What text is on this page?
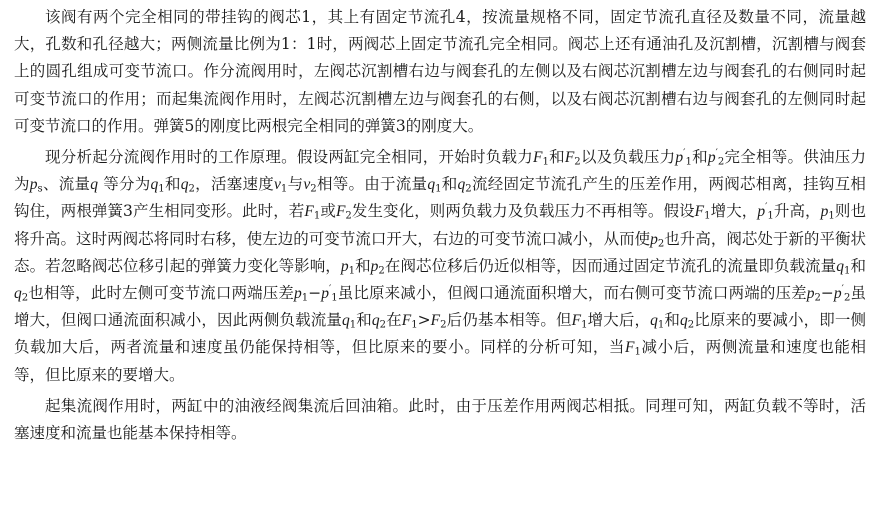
该阀有两个完全相同的带挂钩的阀芯1，其上有固定节流孔4，按流量规格不同，固定节流孔直径及数量不同，流量越大，孔数和孔径越大；两侧流量比例为1：1时，两阀芯上固定节流孔完全相同。阀芯上还有通油孔及沉割槽，沉割槽与阀套上的圆孔组成可变节流口。作分流阀用时，左阀芯沉割槽右边与阀套孔的左侧以及右阀芯沉割槽左边与阀套孔的右侧同时起可变节流口的作用；而起集流阀作用时，左阀芯沉割槽左边与阀套孔的右侧，以及右阀芯沉割槽右边与阀套孔的左侧同时起可变节流口的作用。弹簧5的刚度比两根完全相同的弹簧3的刚度大。

现分析起分流阀作用时的工作原理。假设两缸完全相同，开始时负载力$F_1$和$F_2$以及负载压力$p'_1$和$p'_2$完全相等。供油压力为$p_s$、流量q 等分为$q_1$和$q_2$，活塞速度$v_1$与$v_2$相等。由于流量$q_1$和$q_2$流经固定节流孔产生的压差作用，两阀芯相离，挂钩互相钩住，两根弹簧3产生相同变形。此时，若$F_1$或$F_2$发生变化，则两负载力及负载压力不再相等。假设$F_1$增大，$p'_1$升高，$p_1$则也将升高。这时两阀芯将同时右移，使左边的可变节流口开大，右边的可变节流口减小，从而使$p_2$也升高，阀芯处于新的平衡状态。若忽略阀芯位移引起的弹簧力变化等影响，$p_1$和$p_2$在阀芯位移后仍近似相等，因而通过固定节流孔的流量即负载流量$q_1$和$q_2$也相等，此时左侧可变节流口两端压差$p_1-p'_1$虽比原来减小，但阀口通流面积增大，而右侧可变节流口两端的压差$p_2-p'_2$虽增大，但阀口通流面积减小，因此两侧负载流量$q_1$和$q_2$在$F_1>F_2$后仍基本相等。但$F_1$增大后，$q_1$和$q_2$比原来的要减小，即一侧负载加大后，两者流量和速度虽仍能保持相等，但比原来的要小。同样的分析可知，当$F_1$减小后，两侧流量和速度也能相等，但比原来的要增大。

起集流阀作用时，两缸中的油液经阀集流后回油箱。此时，由于压差作用两阀芯相抵。同理可知，两缸负载不等时，活塞速度和流量也能基本保持相等。
